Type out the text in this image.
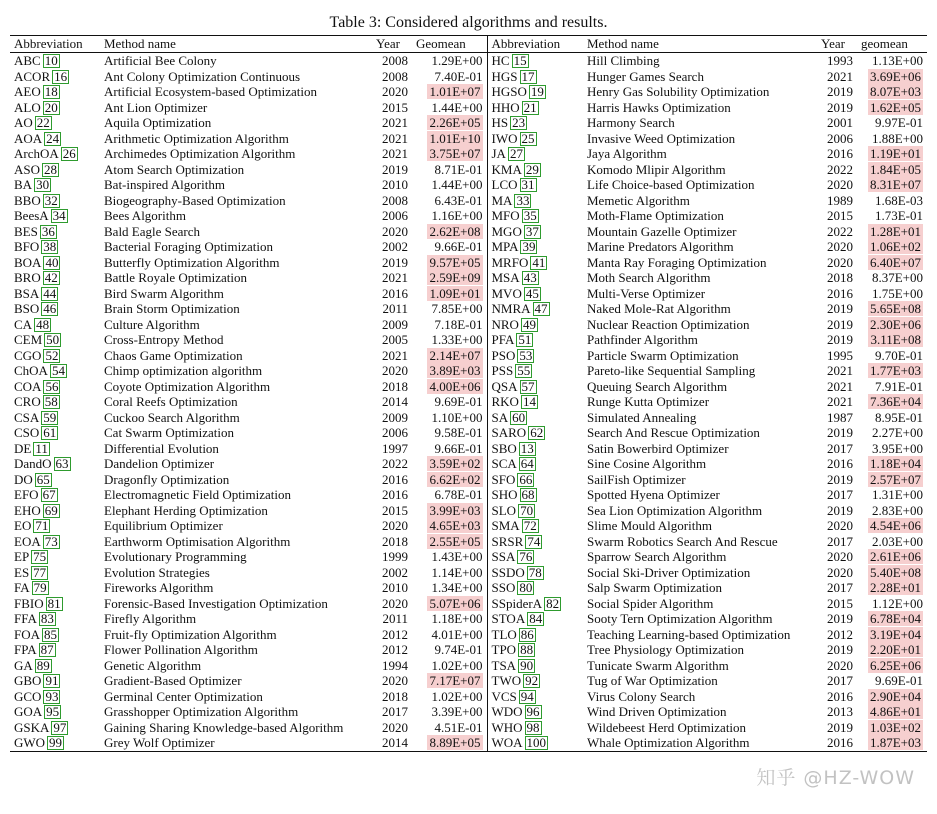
Table 3: Considered algorithms and results.
Abbreviation	Method name	Year	Geomean	Abbreviation	Method name	Year	geomean
ABC 10	Artificial Bee Colony	2008	1.29E+00	HC 15	Hill Climbing	1993	1.13E+00
ACOR 16	Ant Colony Optimization Continuous	2008	7.40E-01	HGS 17	Hunger Games Search	2021	3.69E+06
AEO 18	Artificial Ecosystem-based Optimization	2020	1.01E+07	HGSO 19	Henry Gas Solubility Optimization	2019	8.07E+03
ALO 20	Ant Lion Optimizer	2015	1.44E+00	HHO 21	Harris Hawks Optimization	2019	1.62E+05
AO 22	Aquila Optimization	2021	2.26E+05	HS 23	Harmony Search	2001	9.97E-01
AOA 24	Arithmetic Optimization Algorithm	2021	1.01E+10	IWO 25	Invasive Weed Optimization	2006	1.88E+00
ArchOA 26	Archimedes Optimization Algorithm	2021	3.75E+07	JA 27	Jaya Algorithm	2016	1.19E+01
ASO 28	Atom Search Optimization	2019	8.71E-01	KMA 29	Komodo Mlipir Algorithm	2022	1.84E+05
BA 30	Bat-inspired Algorithm	2010	1.44E+00	LCO 31	Life Choice-based Optimization	2020	8.31E+07
BBO 32	Biogeography-Based Optimization	2008	6.43E-01	MA 33	Memetic Algorithm	1989	1.68E-03
BeesA 34	Bees Algorithm	2006	1.16E+00	MFO 35	Moth-Flame Optimization	2015	1.73E-01
BES 36	Bald Eagle Search	2020	2.62E+08	MGO 37	Mountain Gazelle Optimizer	2022	1.28E+01
BFO 38	Bacterial Foraging Optimization	2002	9.66E-01	MPA 39	Marine Predators Algorithm	2020	1.06E+02
BOA 40	Butterfly Optimization Algorithm	2019	9.57E+05	MRFO 41	Manta Ray Foraging Optimization	2020	6.40E+07
BRO 42	Battle Royale Optimization	2021	2.59E+09	MSA 43	Moth Search Algorithm	2018	8.37E+00
BSA 44	Bird Swarm Algorithm	2016	1.09E+01	MVO 45	Multi-Verse Optimizer	2016	1.75E+00
BSO 46	Brain Storm Optimization	2011	7.85E+00	NMRA 47	Naked Mole-Rat Algorithm	2019	5.65E+08
CA 48	Culture Algorithm	2009	7.18E-01	NRO 49	Nuclear Reaction Optimization	2019	2.30E+06
CEM 50	Cross-Entropy Method	2005	1.33E+00	PFA 51	Pathfinder Algorithm	2019	3.11E+08
CGO 52	Chaos Game Optimization	2021	2.14E+07	PSO 53	Particle Swarm Optimization	1995	9.70E-01
ChOA 54	Chimp optimization algorithm	2020	3.89E+03	PSS 55	Pareto-like Sequential Sampling	2021	1.77E+03
COA 56	Coyote Optimization Algorithm	2018	4.00E+06	QSA 57	Queuing Search Algorithm	2021	7.91E-01
CRO 58	Coral Reefs Optimization	2014	9.69E-01	RKO 14	Runge Kutta Optimizer	2021	7.36E+04
CSA 59	Cuckoo Search Algorithm	2009	1.10E+00	SA 60	Simulated Annealing	1987	8.95E-01
CSO 61	Cat Swarm Optimization	2006	9.58E-01	SARO 62	Search And Rescue Optimization	2019	2.27E+00
DE 11	Differential Evolution	1997	9.66E-01	SBO 13	Satin Bowerbird Optimizer	2017	3.95E+00
DandO 63	Dandelion Optimizer	2022	3.59E+02	SCA 64	Sine Cosine Algorithm	2016	1.18E+04
DO 65	Dragonfly Optimization	2016	6.62E+02	SFO 66	SailFish Optimizer	2019	2.57E+07
EFO 67	Electromagnetic Field Optimization	2016	6.78E-01	SHO 68	Spotted Hyena Optimizer	2017	1.31E+00
EHO 69	Elephant Herding Optimization	2015	3.99E+03	SLO 70	Sea Lion Optimization Algorithm	2019	2.83E+00
EO 71	Equilibrium Optimizer	2020	4.65E+03	SMA 72	Slime Mould Algorithm	2020	4.54E+06
EOA 73	Earthworm Optimisation Algorithm	2018	2.55E+05	SRSR 74	Swarm Robotics Search And Rescue	2017	2.03E+00
EP 75	Evolutionary Programming	1999	1.43E+00	SSA 76	Sparrow Search Algorithm	2020	2.61E+06
ES 77	Evolution Strategies	2002	1.14E+00	SSDO 78	Social Ski-Driver Optimization	2020	5.40E+08
FA 79	Fireworks Algorithm	2010	1.34E+00	SSO 80	Salp Swarm Optimization	2017	2.28E+01
FBIO 81	Forensic-Based Investigation Optimization	2020	5.07E+06	SSpiderA 82	Social Spider Algorithm	2015	1.12E+00
FFA 83	Firefly Algorithm	2011	1.18E+00	STOA 84	Sooty Tern Optimization Algorithm	2019	6.78E+04
FOA 85	Fruit-fly Optimization Algorithm	2012	4.01E+00	TLO 86	Teaching Learning-based Optimization	2012	3.19E+04
FPA 87	Flower Pollination Algorithm	2012	9.74E-01	TPO 88	Tree Physiology Optimization	2019	2.20E+01
GA 89	Genetic Algorithm	1994	1.02E+00	TSA 90	Tunicate Swarm Algorithm	2020	6.25E+06
GBO 91	Gradient-Based Optimizer	2020	7.17E+07	TWO 92	Tug of War Optimization	2017	9.69E-01
GCO 93	Germinal Center Optimization	2018	1.02E+00	VCS 94	Virus Colony Search	2016	2.90E+04
GOA 95	Grasshopper Optimization Algorithm	2017	3.39E+00	WDO 96	Wind Driven Optimization	2013	4.86E+01
GSKA 97	Gaining Sharing Knowledge-based Algorithm	2020	4.51E-01	WHO 98	Wildebeest Herd Optimization	2019	1.03E+02
GWO 99	Grey Wolf Optimizer	2014	8.89E+05	WOA 100	Whale Optimization Algorithm	2016	1.87E+03
知乎 @HZ-WOW
